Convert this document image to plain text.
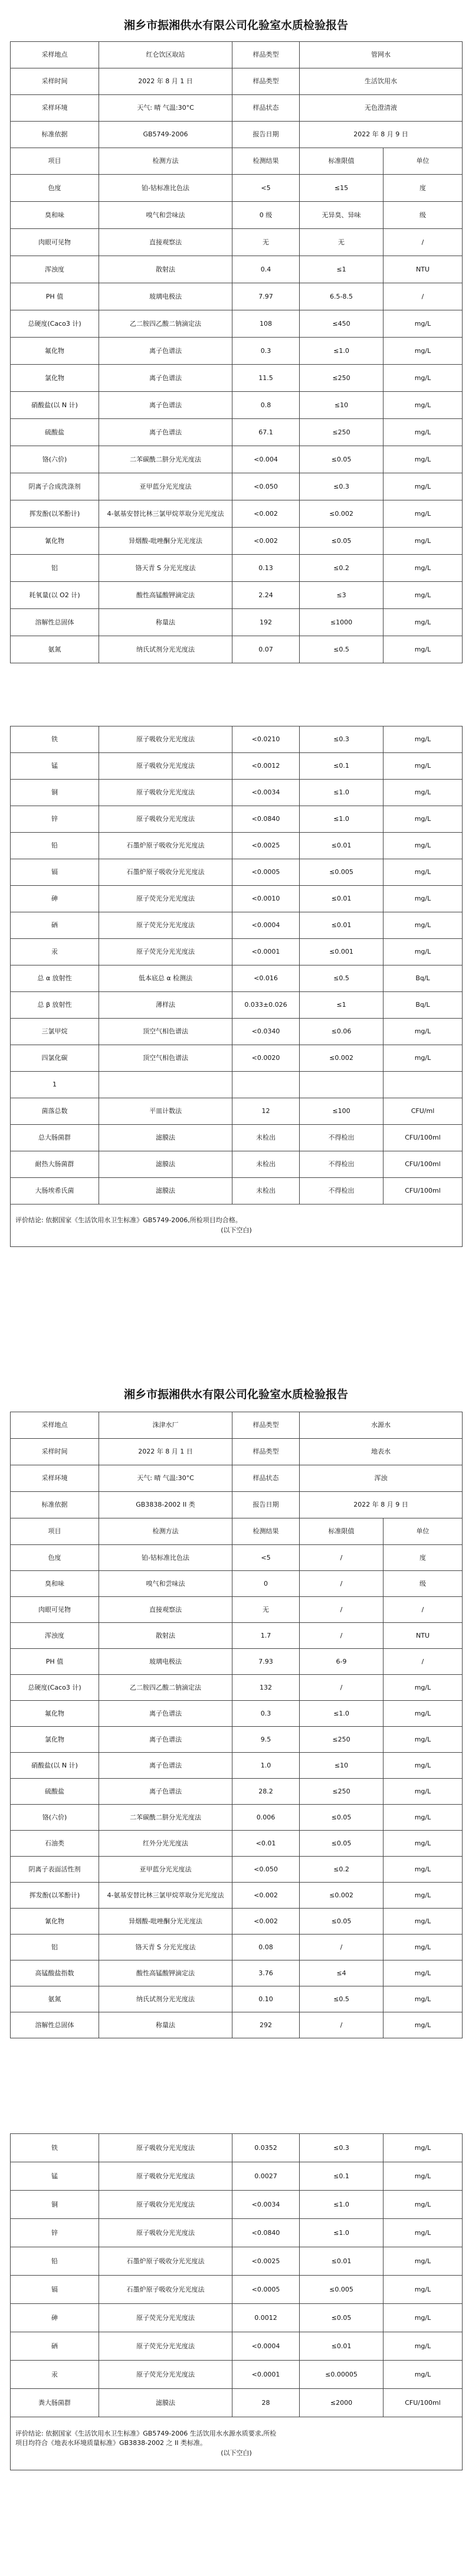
湘乡市振湘供水有限公司化验室水质检验报告
采样地点	红仑饮区取站	样品类型	管网水	
采样时间	2022 年 8 月 1 日	样品类型	生活饮用水	
采样环境	天气: 晴 气温:30°C	样品状态	无色澄清液	
标准依据	GB5749-2006	报告日期	2022 年 8 月 9 日	
项目	检测方法	检测结果	标准限值	单位
色度	铂-钴标准比色法	<5	≤15	度
臭和味	嗅气和尝味法	0 级	无异臭、异味	级
肉眼可见物	直接观察法	无	无	/
浑浊度	散射法	0.4	≤1	NTU
PH 值	玻璃电极法	7.97	6.5-8.5	/
总硬度(Caco3 计)	乙二胺四乙酸二钠滴定法	108	≤450	mg/L
氟化物	离子色谱法	0.3	≤1.0	mg/L
氯化物	离子色谱法	11.5	≤250	mg/L
硝酸盐(以 N 计)	离子色谱法	0.8	≤10	mg/L
硫酸盐	离子色谱法	67.1	≤250	mg/L
铬(六价)	二苯碳酰二肼分光光度法	<0.004	≤0.05	mg/L
阴离子合成洗涤剂	亚甲蓝分光光度法	<0.050	≤0.3	mg/L
挥发酚(以苯酚计)	4-氨基安替比林三氯甲烷萃取分光光度法	<0.002	≤0.002	mg/L
氰化物	异烟酸-吡唑酮分光光度法	<0.002	≤0.05	mg/L
铝	铬天青 S 分光光度法	0.13	≤0.2	mg/L
耗氧量(以 O2 计)	酸性高锰酸钾滴定法	2.24	≤3	mg/L
溶解性总固体	称量法	192	≤1000	mg/L
氨氮	纳氏试剂分光光度法	0.07	≤0.5	mg/L
铁	原子吸收分光光度法	<0.0210	≤0.3	mg/L
锰	原子吸收分光光度法	<0.0012	≤0.1	mg/L
铜	原子吸收分光光度法	<0.0034	≤1.0	mg/L
锌	原子吸收分光光度法	<0.0840	≤1.0	mg/L
铅	石墨炉原子吸收分光光度法	<0.0025	≤0.01	mg/L
镉	石墨炉原子吸收分光光度法	<0.0005	≤0.005	mg/L
砷	原子荧光分光光度法	<0.0010	≤0.01	mg/L
硒	原子荧光分光光度法	<0.0004	≤0.01	mg/L
汞	原子荧光分光光度法	<0.0001	≤0.001	mg/L
总 α 放射性	低本底总 α 检测法	<0.016	≤0.5	Bq/L
总 β 放射性	薄样法	0.033±0.026	≤1	Bq/L
三氯甲烷	顶空气相色谱法	<0.0340	≤0.06	mg/L
四氯化碳	顶空气相色谱法	<0.0020	≤0.002	mg/L
1				
菌落总数	平皿计数法	12	≤100	CFU/ml
总大肠菌群	滤膜法	未检出	不得检出	CFU/100ml
耐热大肠菌群	滤膜法	未检出	不得检出	CFU/100ml
大肠埃希氏菌	滤膜法	未检出	不得检出	CFU/100ml

评价结论: 依据国家《生活饮用水卫生标准》GB5749-2006,所检项目均合格。
(以下空白)				
湘乡市振湘供水有限公司化验室水质检验报告
采样地点	洙津水厂	样品类型	水源水	
采样时间	2022 年 8 月 1 日	样品类型	地表水	
采样环境	天气: 晴 气温:30°C	样品状态	浑浊	
标准依据	GB3838-2002 II 类	报告日期	2022 年 8 月 9 日	
项目	检测方法	检测结果	标准限值	单位
色度	铂-钴标准比色法	<5	/	度
臭和味	嗅气和尝味法	0	/	级
肉眼可见物	直接观察法	无	/	/
浑浊度	散射法	1.7	/	NTU
PH 值	玻璃电极法	7.93	6-9	/
总硬度(Caco3 计)	乙二胺四乙酸二钠滴定法	132	/	mg/L
氟化物	离子色谱法	0.3	≤1.0	mg/L
氯化物	离子色谱法	9.5	≤250	mg/L
硝酸盐(以 N 计)	离子色谱法	1.0	≤10	mg/L
硫酸盐	离子色谱法	28.2	≤250	mg/L
铬(六价)	二苯碳酰二肼分光光度法	0.006	≤0.05	mg/L
石油类	红外分光光度法	<0.01	≤0.05	mg/L
阴离子表面活性剂	亚甲蓝分光光度法	<0.050	≤0.2	mg/L
挥发酚(以苯酚计)	4-氨基安替比林三氯甲烷萃取分光光度法	<0.002	≤0.002	mg/L
氰化物	异烟酸-吡唑酮分光光度法	<0.002	≤0.05	mg/L
铝	铬天青 S 分光光度法	0.08	/	mg/L
高锰酸盐指数	酸性高锰酸钾滴定法	3.76	≤4	mg/L
氨氮	纳氏试剂分光光度法	0.10	≤0.5	mg/L
溶解性总固体	称量法	292	/	mg/L
铁	原子吸收分光光度法	0.0352	≤0.3	mg/L
锰	原子吸收分光光度法	0.0027	≤0.1	mg/L
铜	原子吸收分光光度法	<0.0034	≤1.0	mg/L
锌	原子吸收分光光度法	<0.0840	≤1.0	mg/L
铅	石墨炉原子吸收分光光度法	<0.0025	≤0.01	mg/L
镉	石墨炉原子吸收分光光度法	<0.0005	≤0.005	mg/L
砷	原子荧光分光光度法	0.0012	≤0.05	mg/L
硒	原子荧光分光光度法	<0.0004	≤0.01	mg/L
汞	原子荧光分光光度法	<0.0001	≤0.00005	mg/L
粪大肠菌群	滤膜法	28	≤2000	CFU/100ml

评价结论: 依据国家《生活饮用水卫生标准》GB5749-2006 生活饮用水水源水质要求,所检
项目均符合《地表水环境质量标准》GB3838-2002 之 II 类标准。
(以下空白)				
